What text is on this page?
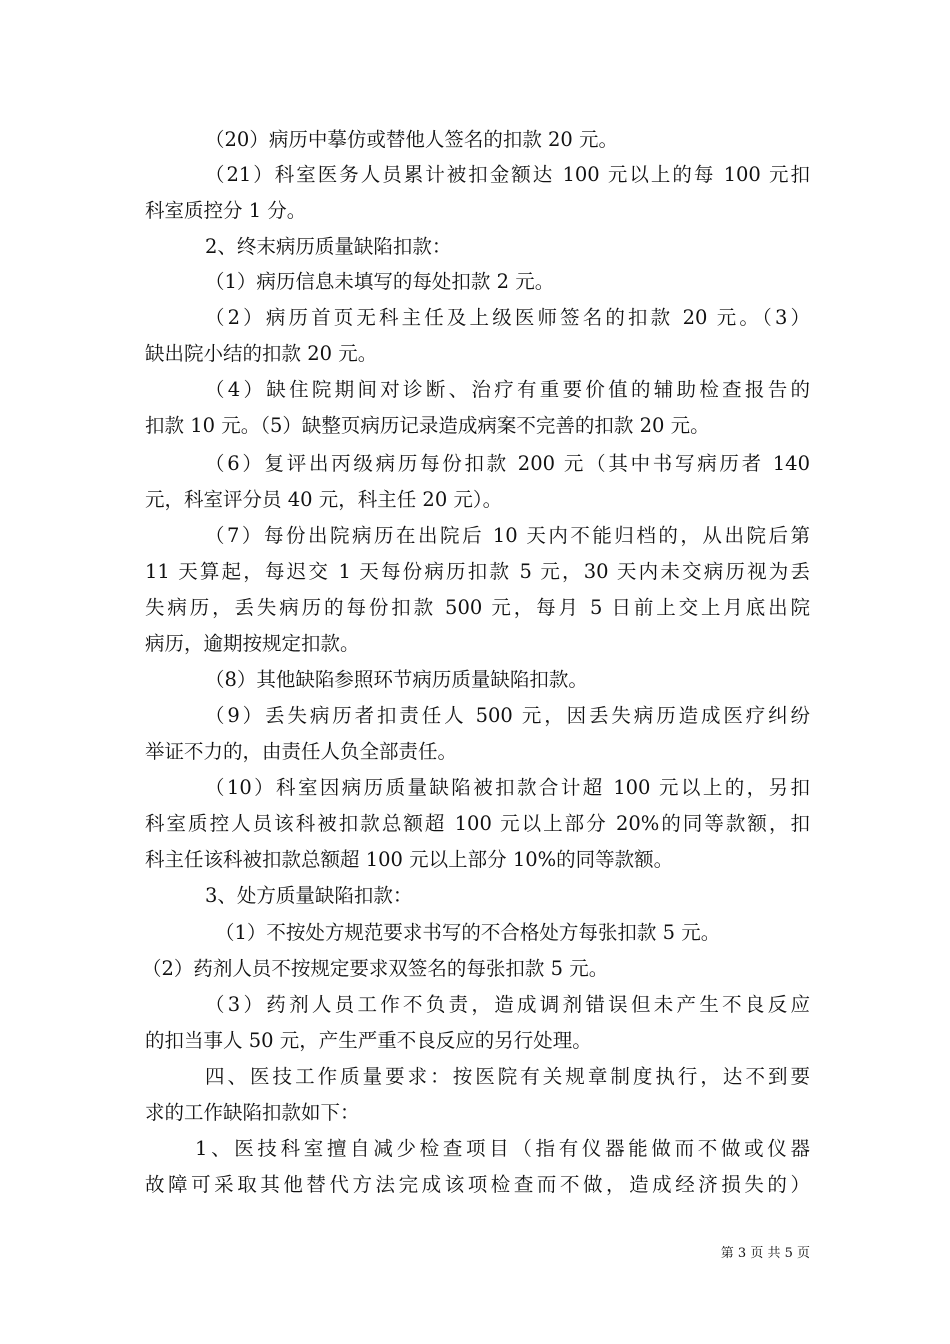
（20）病历中摹仿或替他人签名的扣款 20 元。
（21）科室医务人员累计被扣金额达 100 元以上的每 100 元扣
科室质控分 1 分。
2、终末病历质量缺陷扣款：
（1）病历信息未填写的每处扣款 2 元。
（2）病历首页无科主任及上级医师签名的扣款 20 元。（3）
缺出院小结的扣款 20 元。
（4）缺住院期间对诊断、治疗有重要价值的辅助检查报告的
扣款 10 元。（5）缺整页病历记录造成病案不完善的扣款 20 元。
（6）复评出丙级病历每份扣款 200 元（其中书写病历者 140
元，科室评分员 40 元，科主任 20 元）。
（7）每份出院病历在出院后 10 天内不能归档的，从出院后第
11 天算起，每迟交 1 天每份病历扣款 5 元，30 天内未交病历视为丢
失病历，丢失病历的每份扣款 500 元，每月 5 日前上交上月底出院
病历，逾期按规定扣款。
（8）其他缺陷参照环节病历质量缺陷扣款。
（9）丢失病历者扣责任人 500 元，因丢失病历造成医疗纠纷
举证不力的，由责任人负全部责任。
（10）科室因病历质量缺陷被扣款合计超 100 元以上的，另扣
科室质控人员该科被扣款总额超 100 元以上部分 20%的同等款额，扣
科主任该科被扣款总额超 100 元以上部分 10%的同等款额。
3、处方质量缺陷扣款：
（1）不按处方规范要求书写的不合格处方每张扣款 5 元。
（2）药剂人员不按规定要求双签名的每张扣款 5 元。
（3）药剂人员工作不负责，造成调剂错误但未产生不良反应
的扣当事人 50 元，产生严重不良反应的另行处理。
四、医技工作质量要求：按医院有关规章制度执行，达不到要
求的工作缺陷扣款如下：
1、医技科室擅自减少检查项目（指有仪器能做而不做或仪器
故障可采取其他替代方法完成该项检查而不做，造成经济损失的）
第 3 页 共 5 页
